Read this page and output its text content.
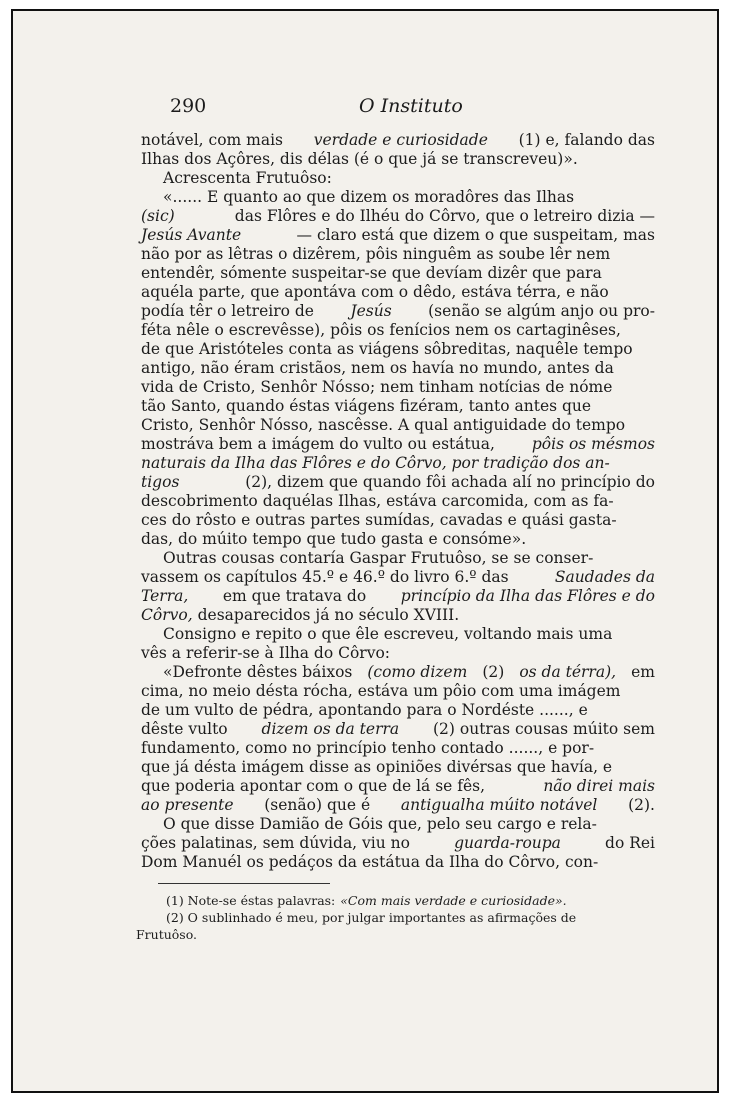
290	O Instituto
notável, com mais verdade e curiosidade (1) e, falando das
Ilhas dos Açôres, dis délas (é o que já se transcreveu)».
Acrescenta Frutuôso:
«...... E quanto ao que dizem os moradôres das Ilhas
(sic)	das Flôres e do Ilhéu do Côrvo, que o letreiro dizia —
Jesús Avante	— claro está que dizem o que suspeitam, mas
não por as lêtras o dizêrem, pôis ninguêm as soube lêr nem
entendêr, sómente suspeitar-se que devíam dizêr que para
aquéla parte, que apontáva com o dêdo, estáva térra, e não
podía têr o letreiro de Jesús (senão se algúm anjo ou pro-
féta nêle o escrevêsse), pôis os fenícios nem os cartaginêses,
de que Aristóteles conta as viágens sôbreditas, naquêle tempo
antigo, não éram cristãos, nem os havía no mundo, antes da
vida de Cristo, Senhôr Nósso; nem tinham notícias de nóme
tão Santo, quando éstas viágens fizéram, tanto antes que
Cristo, Senhôr Nósso, nascêsse. A qual antiguidade do tempo
mostráva bem a imágem do vulto ou estátua, pôis os mésmos
naturais da Ilha das Flôres e do Côrvo, por tradição dos an-
tigos	(2), dizem que quando fôi achada alí no princípio do
descobrimento daquélas Ilhas, estáva carcomida, com as fa-
ces do rôsto e outras partes sumídas, cavadas e quási gasta-
das, do múito tempo que tudo gasta e consóme».
Outras cousas contaría Gaspar Frutuôso, se se conser-
vassem os capítulos 45.º e 46.º do livro 6.º das	Saudades da
Terra, em que tratava do princípio da Ilha das Flôres e do
Côrvo, desaparecidos já no século XVIII.
Consigno e repito o que êle escreveu, voltando mais uma
vês a referir-se à Ilha do Côrvo:
«Defronte dêstes báixos (como dizem (2) os da térra), em
cima, no meio désta rócha, estáva um pôio com uma imágem
de um vulto de pédra, apontando para o Nordéste ......, e
dêste vulto dizem os da terra (2) outras cousas múito sem
fundamento, como no princípio tenho contado ......, e por-
que já désta imágem disse as opiniões divérsas que havía, e
que poderia apontar com o que de lá se fês,	não direi mais
ao presente (senão) que é antigualha múito notável (2).
O que disse Damião de Góis que, pelo seu cargo e rela-
ções palatinas, sem dúvida, viu no	guarda-roupa	do Rei
Dom Manuél os pedáços da estátua da Ilha do Côrvo, con-
(1) Note-se éstas palavras: «Com mais verdade e curiosidade».
(2) O sublinhado é meu, por julgar importantes as afirmações de
Frutuôso.
